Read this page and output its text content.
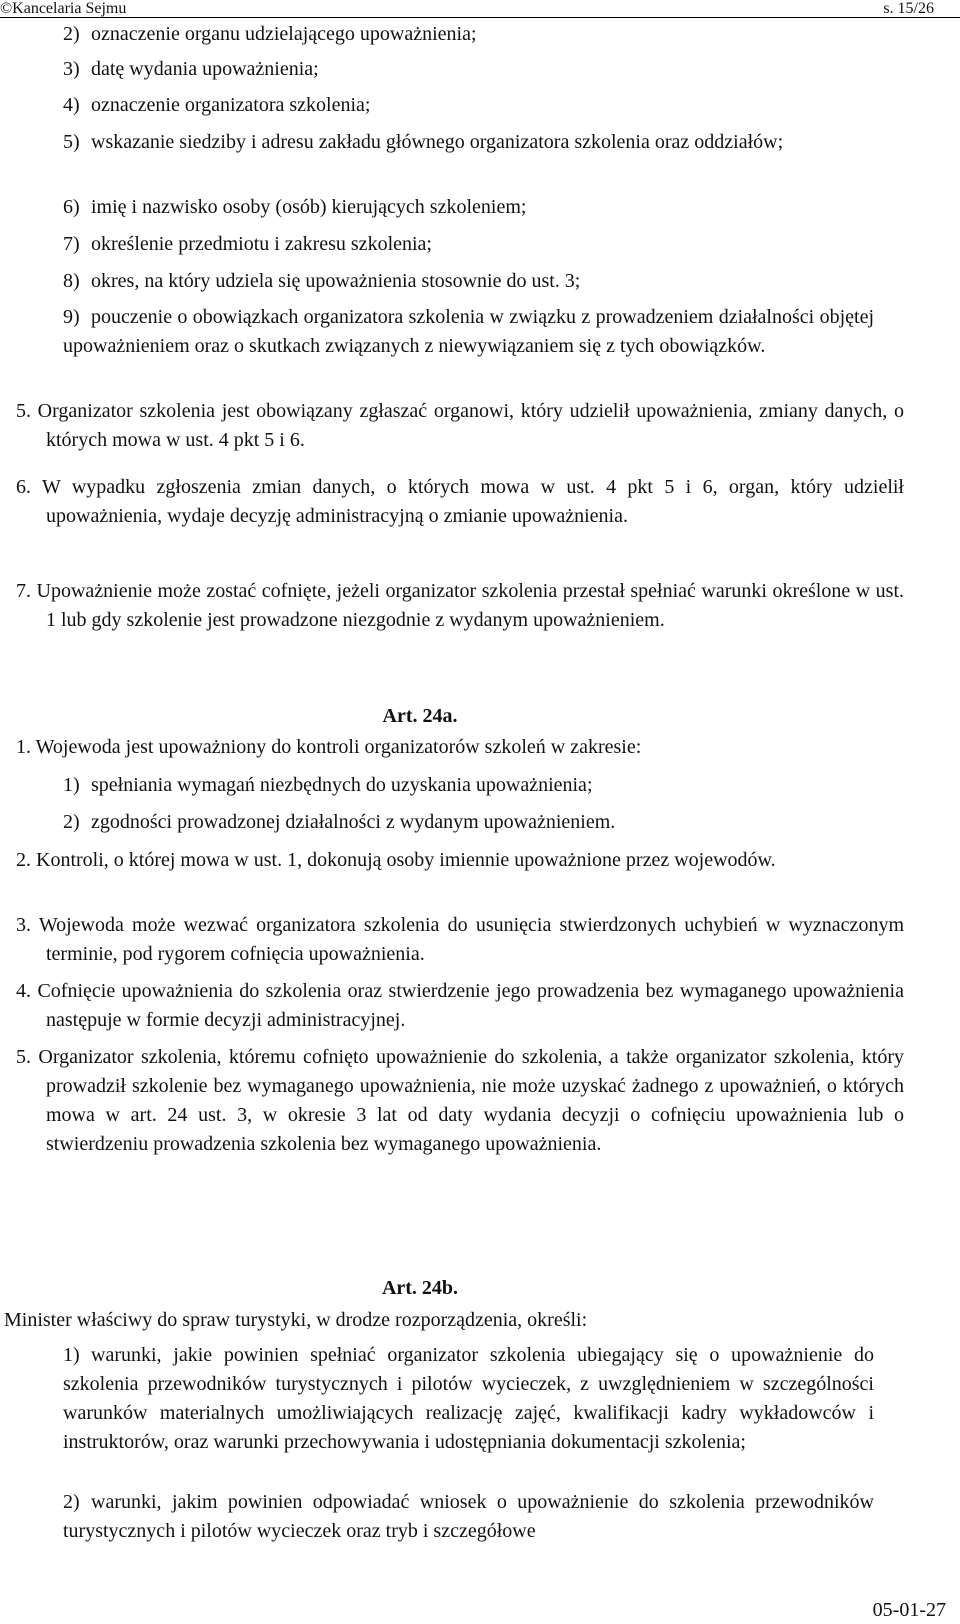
©Kancelaria Sejmu	s. 15/26
2) oznaczenie organu udzielającego upoważnienia;
3) datę wydania upoważnienia;
4) oznaczenie organizatora szkolenia;
5) wskazanie siedziby i adresu zakładu głównego organizatora szkolenia oraz oddziałów;
6) imię i nazwisko osoby (osób) kierujących szkoleniem;
7) określenie przedmiotu i zakresu szkolenia;
8) okres, na który udziela się upoważnienia stosownie do ust. 3;
9) pouczenie o obowiązkach organizatora szkolenia w związku z prowadzeniem działalności objętej upoważnieniem oraz o skutkach związanych z niewywiązaniem się z tych obowiązków.
5. Organizator szkolenia jest obowiązany zgłaszać organowi, który udzielił upoważnienia, zmiany danych, o których mowa w ust. 4 pkt 5 i 6.
6. W wypadku zgłoszenia zmian danych, o których mowa w ust. 4 pkt 5 i 6, organ, który udzielił upoważnienia, wydaje decyzję administracyjną o zmianie upoważnienia.
7. Upoważnienie może zostać cofnięte, jeżeli organizator szkolenia przestał spełniać warunki określone w ust. 1 lub gdy szkolenie jest prowadzone niezgodnie z wydanym upoważnieniem.
Art. 24a.
1. Wojewoda jest upoważniony do kontroli organizatorów szkoleń w zakresie:
1) spełniania wymagań niezbędnych do uzyskania upoważnienia;
2) zgodności prowadzonej działalności z wydanym upoważnieniem.
2. Kontroli, o której mowa w ust. 1, dokonują osoby imiennie upoważnione przez wojewodów.
3. Wojewoda może wezwać organizatora szkolenia do usunięcia stwierdzonych uchybień w wyznaczonym terminie, pod rygorem cofnięcia upoważnienia.
4. Cofnięcie upoważnienia do szkolenia oraz stwierdzenie jego prowadzenia bez wymaganego upoważnienia następuje w formie decyzji administracyjnej.
5. Organizator szkolenia, któremu cofnięto upoważnienie do szkolenia, a także organizator szkolenia, który prowadził szkolenie bez wymaganego upoważnienia, nie może uzyskać żadnego z upoważnień, o których mowa w art. 24 ust. 3, w okresie 3 lat od daty wydania decyzji o cofnięciu upoważnienia lub o stwierdzeniu prowadzenia szkolenia bez wymaganego upoważnienia.
Art. 24b.
Minister właściwy do spraw turystyki, w drodze rozporządzenia, określi:
1) warunki, jakie powinien spełniać organizator szkolenia ubiegający się o upoważnienie do szkolenia przewodników turystycznych i pilotów wycieczek, z uwzględnieniem w szczególności warunków materialnych umożliwiających realizację zajęć, kwalifikacji kadry wykładowców i instruktorów, oraz warunki przechowywania i udostępniania dokumentacji szkolenia;
2) warunki, jakim powinien odpowiadać wniosek o upoważnienie do szkolenia przewodników turystycznych i pilotów wycieczek oraz tryb i szczegółowe
05-01-27
